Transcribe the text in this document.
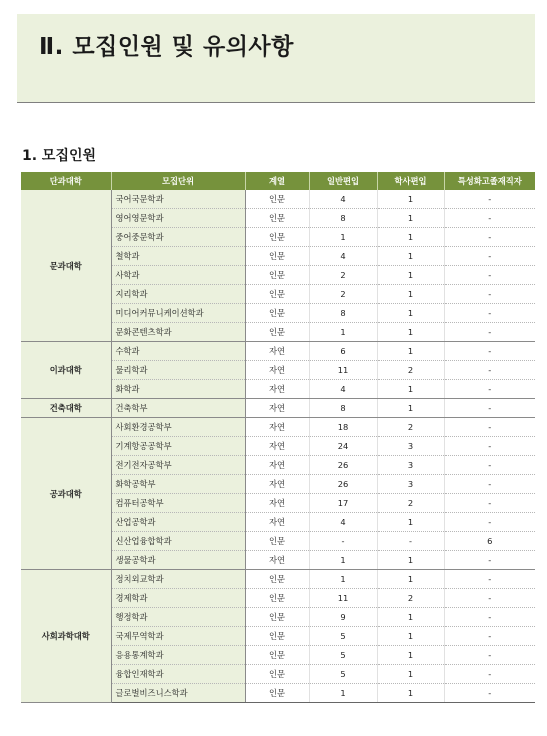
Ⅱ. 모집인원 및 유의사항
1. 모집인원
단과대학	모집단위	계열	일반편입	학사편입	특성화고졸재직자
문과대학	국어국문학과	인문	4	1	-
	영어영문학과	인문	8	1	-
	중어중문학과	인문	1	1	-
	철학과	인문	4	1	-
	사학과	인문	2	1	-
	지리학과	인문	2	1	-
	미디어커뮤니케이션학과	인문	8	1	-
	문화콘텐츠학과	인문	1	1	-
이과대학	수학과	자연	6	1	-
	물리학과	자연	11	2	-
	화학과	자연	4	1	-
건축대학	건축학부	자연	8	1	-
공과대학	사회환경공학부	자연	18	2	-
	기계항공공학부	자연	24	3	-
	전기전자공학부	자연	26	3	-
	화학공학부	자연	26	3	-
	컴퓨터공학부	자연	17	2	-
	산업공학과	자연	4	1	-
	신산업융합학과	인문	-	-	6
	생물공학과	자연	1	1	-
사회과학대학	정치외교학과	인문	1	1	-
	경제학과	인문	11	2	-
	행정학과	인문	9	1	-
	국제무역학과	인문	5	1	-
	응용통계학과	인문	5	1	-
	융합인재학과	인문	5	1	-
	글로벌비즈니스학과	인문	1	1	-
